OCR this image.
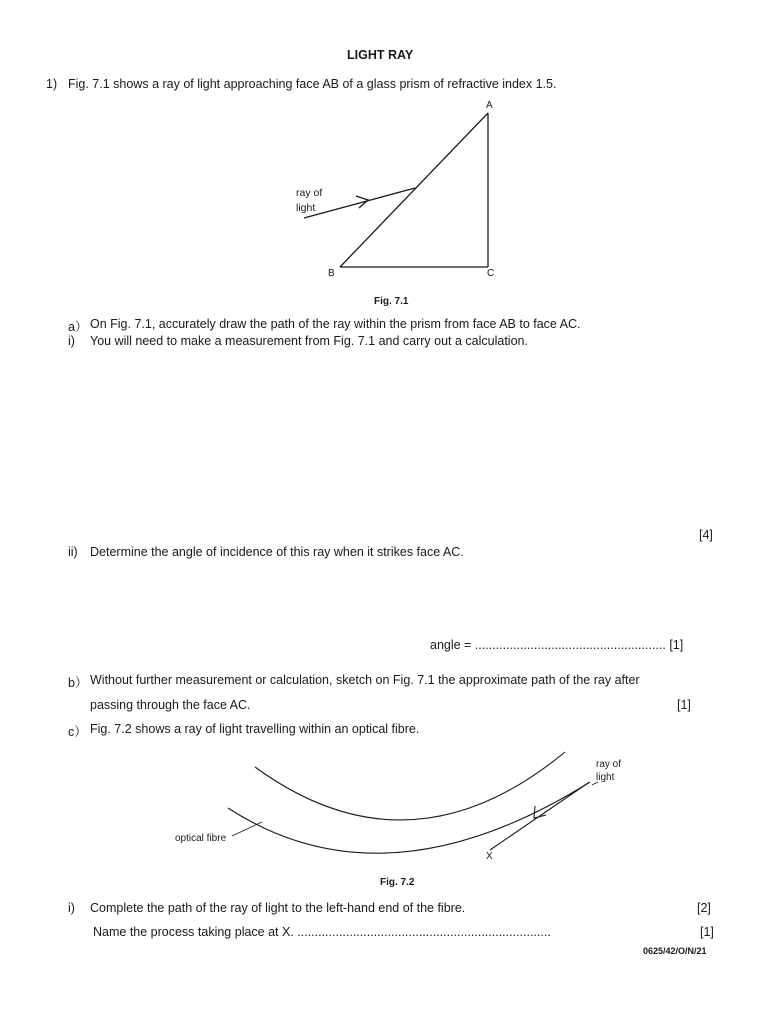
LIGHT RAY
1) Fig. 7.1 shows a ray of light approaching face AB of a glass prism of refractive index 1.5.
A
B	C
ray of
light
Fig. 7.1
a） On Fig. 7.1, accurately draw the path of the ray within the prism from face AB to face AC.
i) You will need to make a measurement from Fig. 7.1 and carry out a calculation.
[4]
ii) Determine the angle of incidence of this ray when it strikes face AC.
angle = ....................................................... [1]
b） Without further measurement or calculation, sketch on Fig. 7.1 the approximate path of the ray after
passing through the face AC.	[1]
c） Fig. 7.2 shows a ray of light travelling within an optical fibre.
ray of
light
optical fibre
X
Fig. 7.2
i) Complete the path of the ray of light to the left-hand end of the fibre.	[2]
Name the process taking place at X. .........................................................................	[1]
0625/42/O/N/21
